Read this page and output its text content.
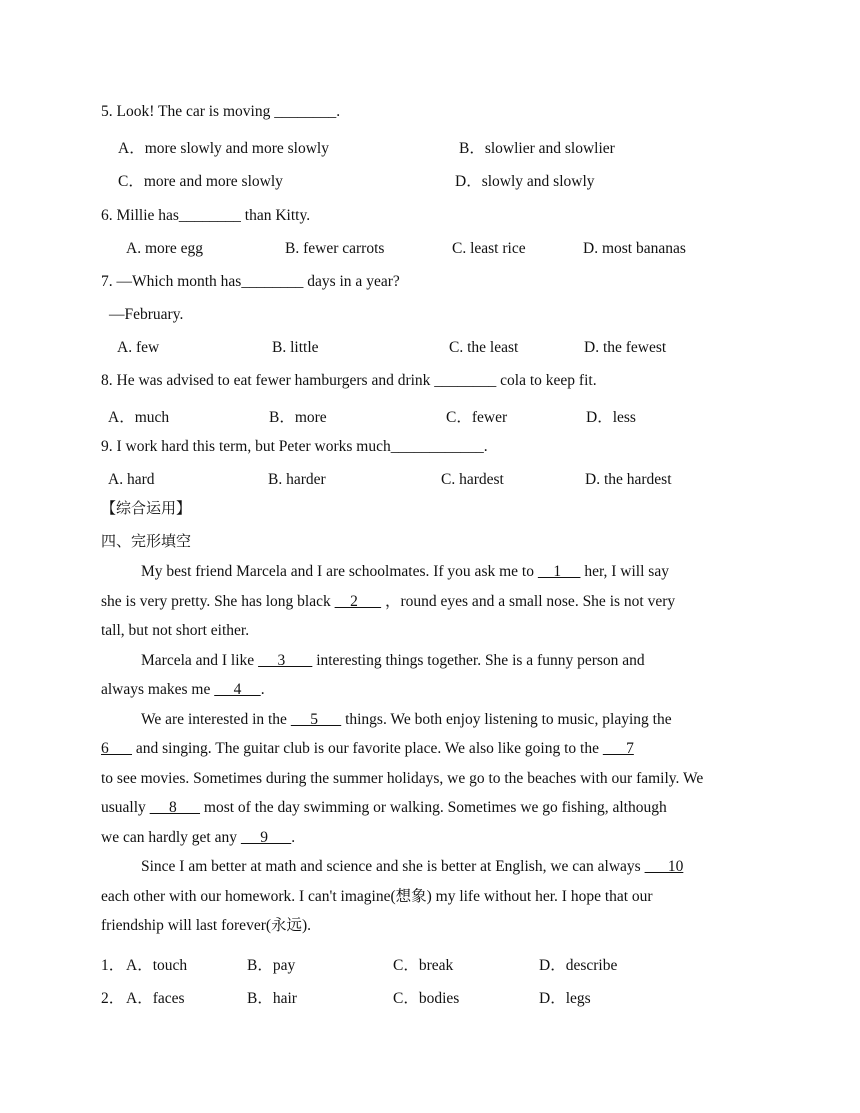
5. Look! The car is moving ________.
A．more slowly and more slowly	B．slowlier and slowlier
C．more and more slowly	D．slowly and slowly
6. Millie has________ than Kitty.
A. more egg	B. fewer carrots	C. least rice	D. most bananas
7. —Which month has________ days in a year?
—February.
A. few	B. little	C. the least	D. the fewest
8. He was advised to eat fewer hamburgers and drink ________ cola to keep fit.
A．much	B．more	C．fewer	D．less
9. I work hard this term, but Peter works much____________.
A. hard	B. harder	C. hardest	D. the hardest
【综合运用】
四、完形填空
My best friend Marcela and I are schoolmates. If you ask me to     1      her, I will say
she is very pretty. She has long black     2       ，round eyes and a small nose. She is not very
tall, but not short either.
Marcela and I like      3        interesting things together. She is a funny person and
always makes me      4     .
We are interested in the      5       things. We both enjoy listening to music, playing the
6       and singing. The guitar club is our favorite place. We also like going to the       7
to see movies. Sometimes during the summer holidays, we go to the beaches with our family. We
usually      8       most of the day swimming or walking. Sometimes we go fishing, although
we can hardly get any      9      .
Since I am better at math and science and she is better at English, we can always       10
each other with our homework. I can't imagine(想象) my life without her. I hope that our
friendship will last forever(永远).
1． A．touch	B．pay	C．break	D．describe
2． A．faces	B．hair	C．bodies	D．legs
